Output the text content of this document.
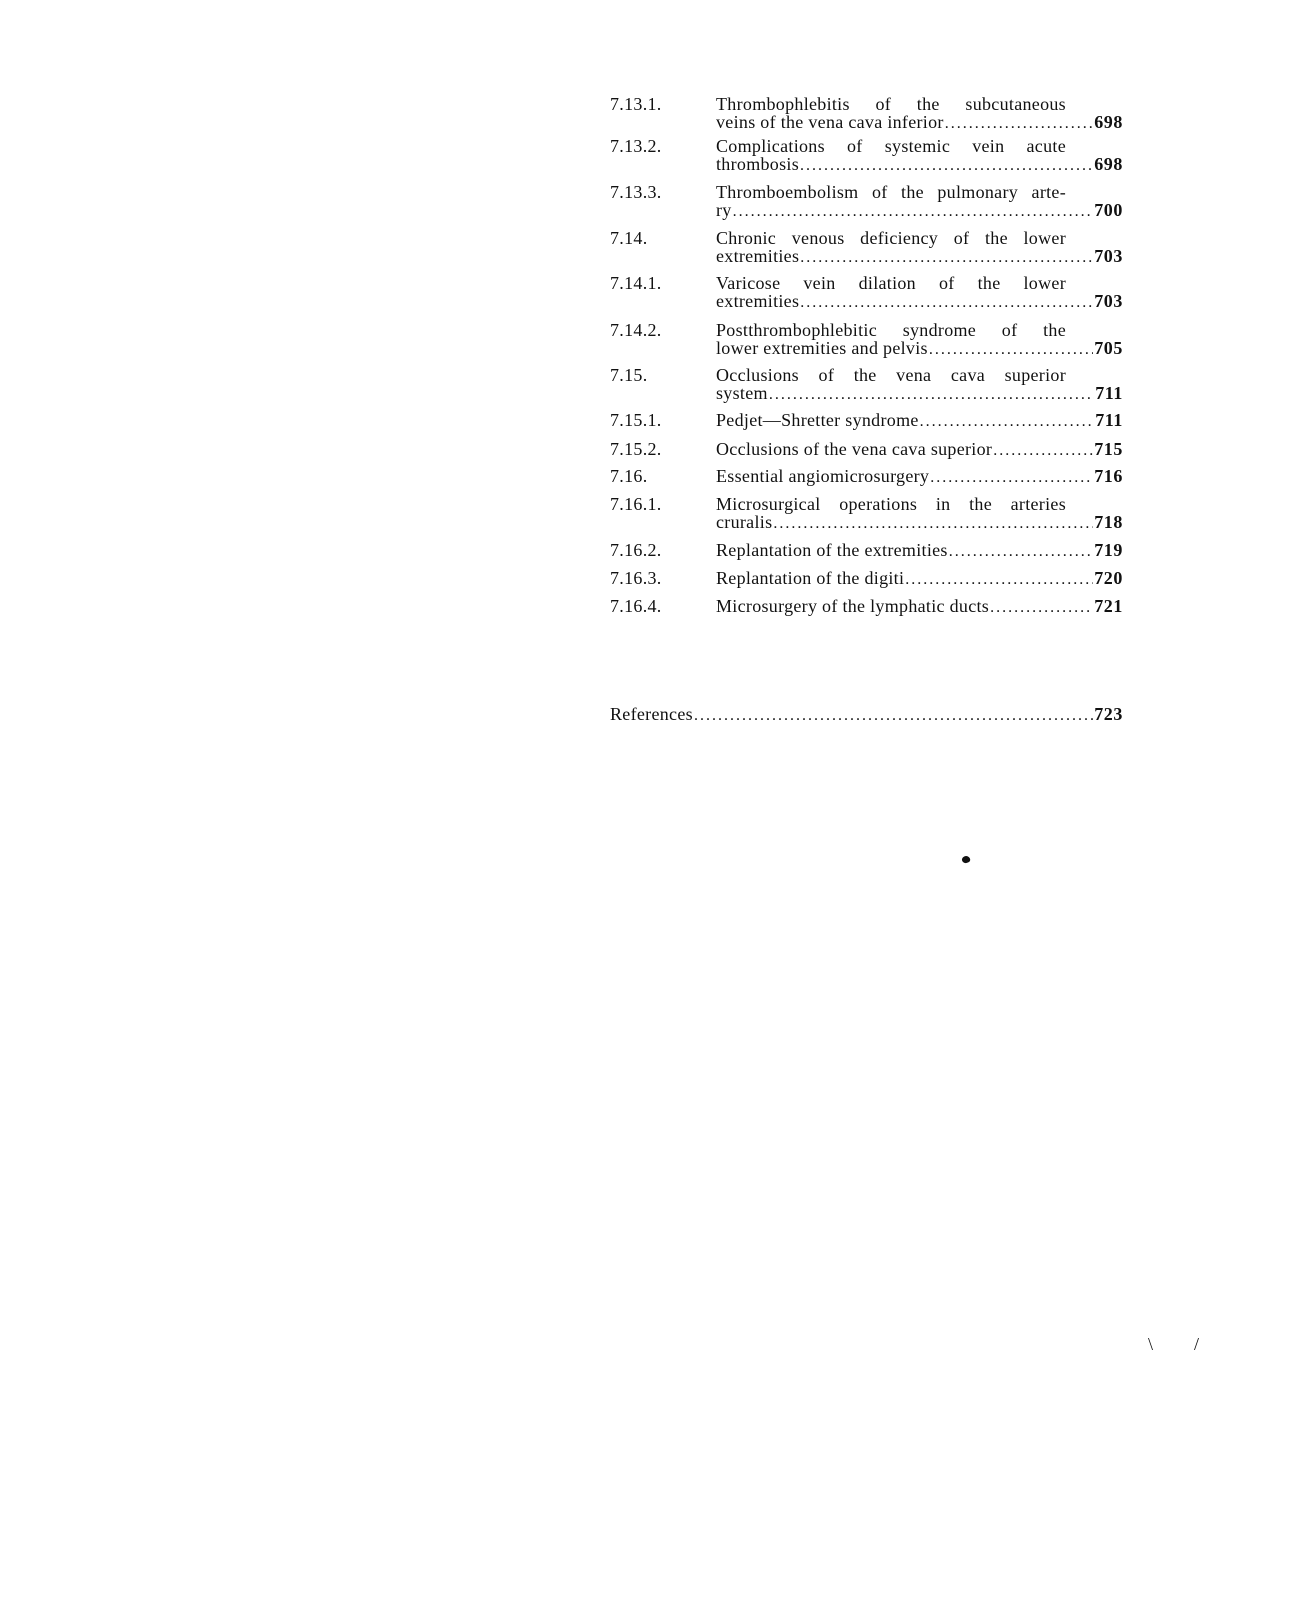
7.13.1.	Thrombophlebitis of the subcutaneous
veins of the vena cava inferior .....	698
7.13.2.	Complications of systemic vein acute
thrombosis .....	698
7.13.3.	Thromboembolism of the pulmonary arte-
ry .....	700
7.14.	Chronic venous deficiency of the lower
extremities .....	703
7.14.1.	Varicose vein dilation of the lower
extremities .....	703
7.14.2.	Postthrombophlebitic syndrome of the
lower extremities and pelvis .....	705
7.15.	Occlusions of the vena cava superior
system .....	711
7.15.1.	Pedjet—Shretter syndrome .....	711
7.15.2.	Occlusions of the vena cava superior .....	715
7.16.	Essential angiomicrosurgery .....	716
7.16.1.	Microsurgical operations in the arteries
cruralis .....	718
7.16.2.	Replantation of the extremities .....	719
7.16.3.	Replantation of the digiti .....	720
7.16.4.	Microsurgery of the lymphatic ducts .....	721
References .....	723
\ /
